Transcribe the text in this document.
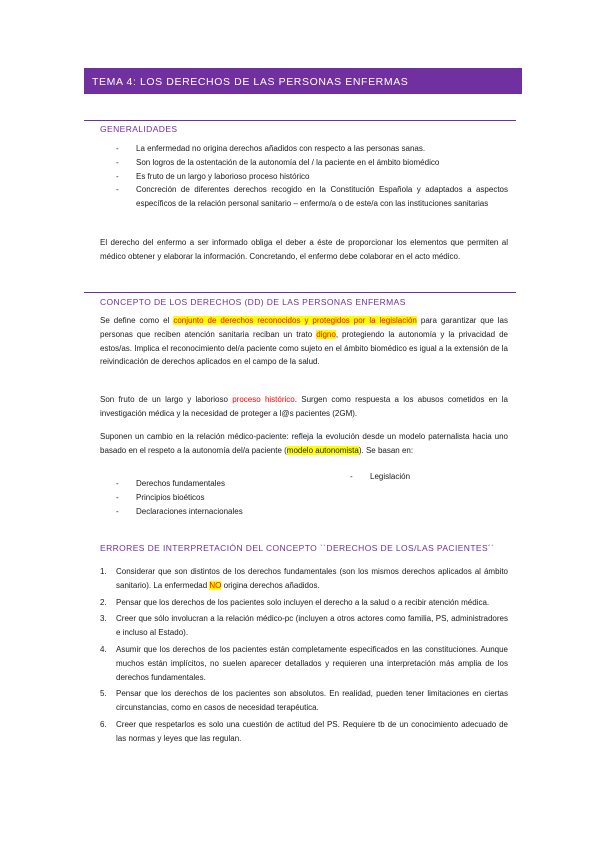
TEMA 4: LOS DERECHOS DE LAS PERSONAS ENFERMAS
GENERALIDADES
- La enfermedad no origina derechos añadidos con respecto a las personas sanas.
- Son logros de la ostentación de la autonomía del / la paciente en el ámbito biomédico
- Es fruto de un largo y laborioso proceso histórico
- Concreción de diferentes derechos recogido en la Constitución Española y adaptados a aspectos específicos de la relación personal sanitario – enfermo/a o de este/a con las instituciones sanitarias

El derecho del enfermo a ser informado obliga el deber a éste de proporcionar los elementos que permiten al médico obtener y elaborar la información. Concretando, el enfermo debe colaborar en el acto médico.

CONCEPTO DE LOS DERECHOS (DD) DE LAS PERSONAS ENFERMAS

Se define como el conjunto de derechos reconocidos y protegidos por la legislación para garantizar que las personas que reciben atención sanitaria reciban un trato digno, protegiendo la autonomía y la privacidad de estos/as. Implica el reconocimiento del/a paciente como sujeto en el ámbito biomédico es igual a la extensión de la reivindicación de derechos aplicados en el campo de la salud.

Son fruto de un largo y laborioso proceso histórico. Surgen como respuesta a los abusos cometidos en la investigación médica y la necesidad de proteger a l@s pacientes (2GM).

Suponen un cambio en la relación médico-paciente: refleja la evolución desde un modelo paternalista hacia uno basado en el respeto a la autonomía del/a paciente (modelo autonomista). Se basan en:

- Derechos fundamentales
- Principios bioéticos
- Declaraciones internacionales
- Legislación
ERRORES DE INTERPRETACIÓN DEL CONCEPTO ``DERECHOS DE LOS/LAS PACIENTES´´
1. Considerar que son distintos de los derechos fundamentales (son los mismos derechos aplicados al ámbito sanitario). La enfermedad NO origina derechos añadidos.
2. Pensar que los derechos de los pacientes solo incluyen el derecho a la salud o a recibir atención médica.
3. Creer que sólo involucran a la relación médico-pc (incluyen a otros actores como familia, PS, administradores e incluso al Estado).
4. Asumir que los derechos de los pacientes están completamente especificados en las constituciones. Aunque muchos están implícitos, no suelen aparecer detallados y requieren una interpretación más amplia de los derechos fundamentales.
5. Pensar que los derechos de los pacientes son absolutos. En realidad, pueden tener limitaciones en ciertas circunstancias, como en casos de necesidad terapéutica.
6. Creer que respetarlos es solo una cuestión de actitud del PS. Requiere tb de un conocimiento adecuado de las normas y leyes que las regulan.
